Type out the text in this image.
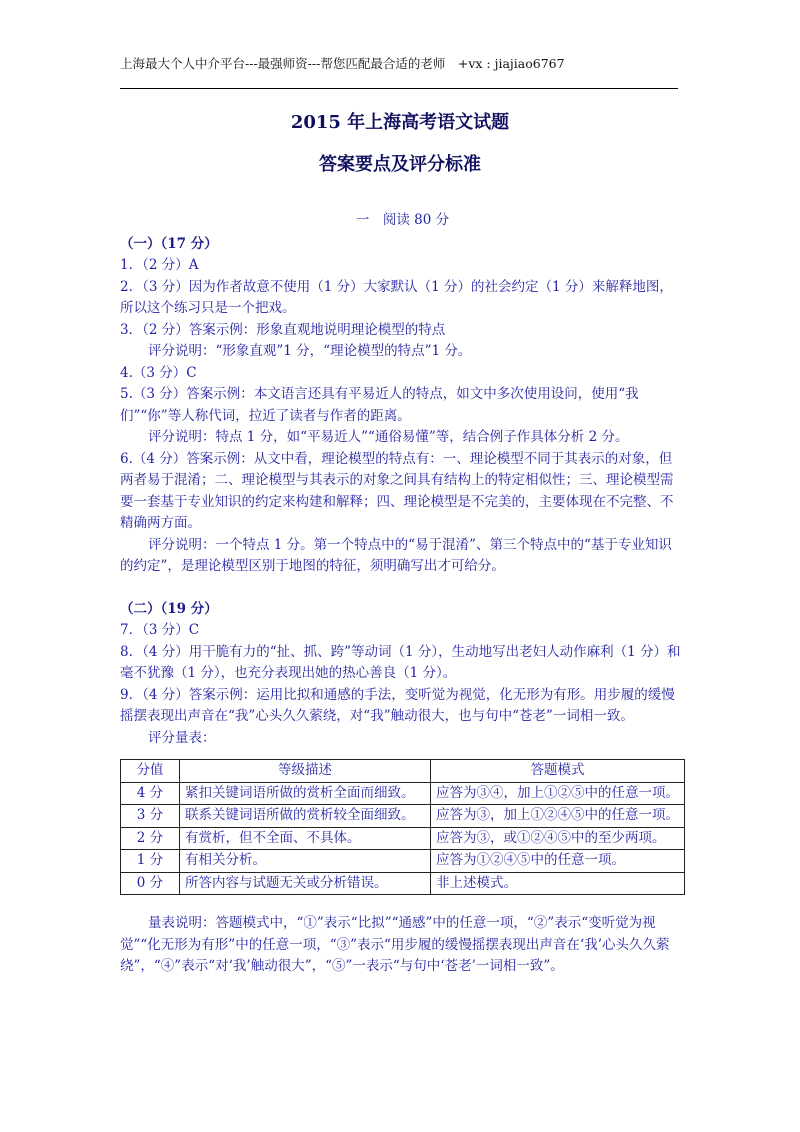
上海最大个人中介平台---最强师资---帮您匹配最合适的老师　+vx : jiajiao6767
2015 年上海高考语文试题
答案要点及评分标准

一　阅读 80 分

（一）（17 分）

1．（2 分）A

2．（3 分）因为作者故意不使用（1 分）大家默认（1 分）的社会约定（1 分）来解释地图，所以这个练习只是一个把戏。

3．（2 分）答案示例：形象直观地说明理论模型的特点

评分说明：“形象直观”1 分，“理论模型的特点”1 分。

4.（3 分）C

5.（3 分）答案示例：本文语言还具有平易近人的特点，如文中多次使用设问，使用“我们”“你”等人称代词，拉近了读者与作者的距离。

评分说明：特点 1 分，如“平易近人”“通俗易懂”等，结合例子作具体分析 2 分。

6.（4 分）答案示例：从文中看，理论模型的特点有：一、理论模型不同于其表示的对象，但两者易于混淆；二、理论模型与其表示的对象之间具有结构上的特定相似性；三、理论模型需要一套基于专业知识的约定来构建和解释；四、理论模型是不完美的，主要体现在不完整、不精确两方面。

评分说明：一个特点 1 分。第一个特点中的“易于混淆”、第三个特点中的“基于专业知识的约定”，是理论模型区别于地图的特征，须明确写出才可给分。

（二）（19 分）

7．（3 分）C

8．（4 分）用干脆有力的“扯、抓、跨”等动词（1 分），生动地写出老妇人动作麻利（1 分）和毫不犹豫（1 分），也充分表现出她的热心善良（1 分）。

9．（4 分）答案示例：运用比拟和通感的手法，变听觉为视觉，化无形为有形。用步履的缓慢摇摆表现出声音在“我”心头久久萦绕，对“我”触动很大，也与句中“苍老”一词相一致。

评分量表：

分值	等级描述	答题模式
4 分	紧扣关键词语所做的赏析全面而细致。	应答为③④，加上①②⑤中的任意一项。
3 分	联系关键词语所做的赏析较全面细致。	应答为③，加上①②④⑤中的任意一项。
2 分	有赏析，但不全面、不具体。	应答为③，或①②④⑤中的至少两项。
1 分	有相关分析。	应答为①②④⑤中的任意一项。
0 分	所答内容与试题无关或分析错误。	非上述模式。

量表说明：答题模式中，“①”表示“比拟”“通感”中的任意一项，“②”表示“变听觉为视觉”“化无形为有形”中的任意一项，“③”表示“用步履的缓慢摇摆表现出声音在‘我’心头久久萦绕”，“④”表示“对‘我’触动很大”，“⑤”一表示“与句中‘苍老’一词相一致”。
